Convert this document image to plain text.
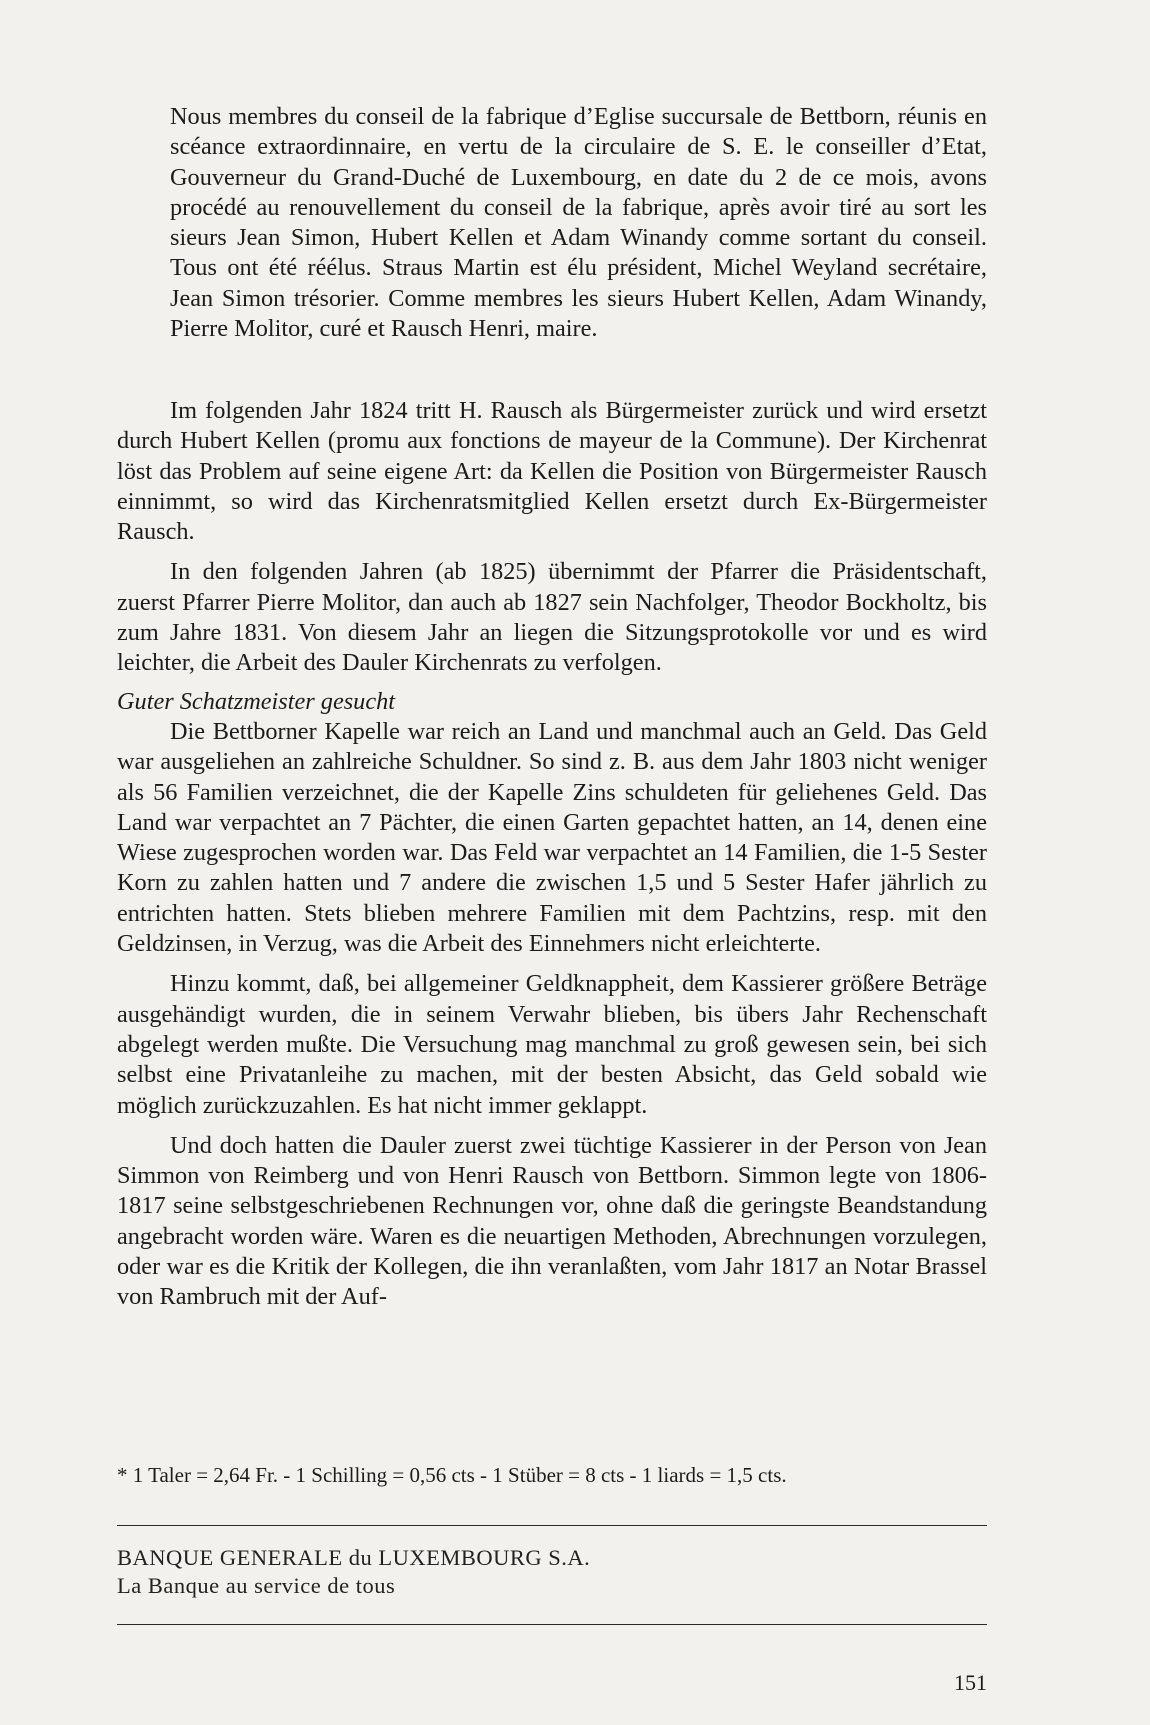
Nous membres du conseil de la fabrique d’Eglise succursale de Bettborn, réunis en scéance extraordinnaire, en vertu de la circulaire de S. E. le conseiller d’Etat, Gouverneur du Grand-Duché de Luxembourg, en date du 2 de ce mois, avons procédé au renouvellement du conseil de la fabrique, après avoir tiré au sort les sieurs Jean Simon, Hubert Kellen et Adam Winandy comme sortant du conseil. Tous ont été réélus. Straus Martin est élu président, Michel Weyland secrétaire, Jean Simon trésorier. Comme membres les sieurs Hubert Kellen, Adam Winandy, Pierre Molitor, curé et Rausch Henri, maire.

Im folgenden Jahr 1824 tritt H. Rausch als Bürgermeister zurück und wird ersetzt durch Hubert Kellen (promu aux fonctions de mayeur de la Commune). Der Kirchenrat löst das Problem auf seine eigene Art: da Kellen die Position von Bürgermeister Rausch einnimmt, so wird das Kirchenratsmitglied Kellen ersetzt durch Ex-Bürgermeister Rausch.

In den folgenden Jahren (ab 1825) übernimmt der Pfarrer die Präsidentschaft, zuerst Pfarrer Pierre Molitor, dan auch ab 1827 sein Nachfolger, Theodor Bockholtz, bis zum Jahre 1831. Von diesem Jahr an liegen die Sitzungsprotokolle vor und es wird leichter, die Arbeit des Dauler Kirchenrats zu verfolgen.

Guter Schatzmeister gesucht

Die Bettborner Kapelle war reich an Land und manchmal auch an Geld. Das Geld war ausgeliehen an zahlreiche Schuldner. So sind z. B. aus dem Jahr 1803 nicht weniger als 56 Familien verzeichnet, die der Kapelle Zins schuldeten für geliehenes Geld. Das Land war verpachtet an 7 Pächter, die einen Garten gepachtet hatten, an 14, denen eine Wiese zugesprochen worden war. Das Feld war verpachtet an 14 Familien, die 1-5 Sester Korn zu zahlen hatten und 7 andere die zwischen 1,5 und 5 Sester Hafer jährlich zu entrichten hatten. Stets blieben mehrere Familien mit dem Pachtzins, resp. mit den Geldzinsen, in Verzug, was die Arbeit des Einnehmers nicht erleichterte.

Hinzu kommt, daß, bei allgemeiner Geldknappheit, dem Kassierer größere Beträge ausgehändigt wurden, die in seinem Verwahr blieben, bis übers Jahr Rechenschaft abgelegt werden mußte. Die Versuchung mag manchmal zu groß gewesen sein, bei sich selbst eine Privatanleihe zu machen, mit der besten Absicht, das Geld sobald wie möglich zurückzuzahlen. Es hat nicht immer geklappt.

Und doch hatten die Dauler zuerst zwei tüchtige Kassierer in der Person von Jean Simmon von Reimberg und von Henri Rausch von Bettborn. Simmon legte von 1806-1817 seine selbstgeschriebenen Rechnungen vor, ohne daß die geringste Beandstandung angebracht worden wäre. Waren es die neuartigen Methoden, Abrechnungen vorzulegen, oder war es die Kritik der Kollegen, die ihn veranlaßten, vom Jahr 1817 an Notar Brassel von Rambruch mit der Auf-

* 1 Taler = 2,64 Fr. - 1 Schilling = 0,56 cts - 1 Stüber = 8 cts - 1 liards = 1,5 cts.
BANQUE GENERALE du LUXEMBOURG S.A.
La Banque au service de tous
151
